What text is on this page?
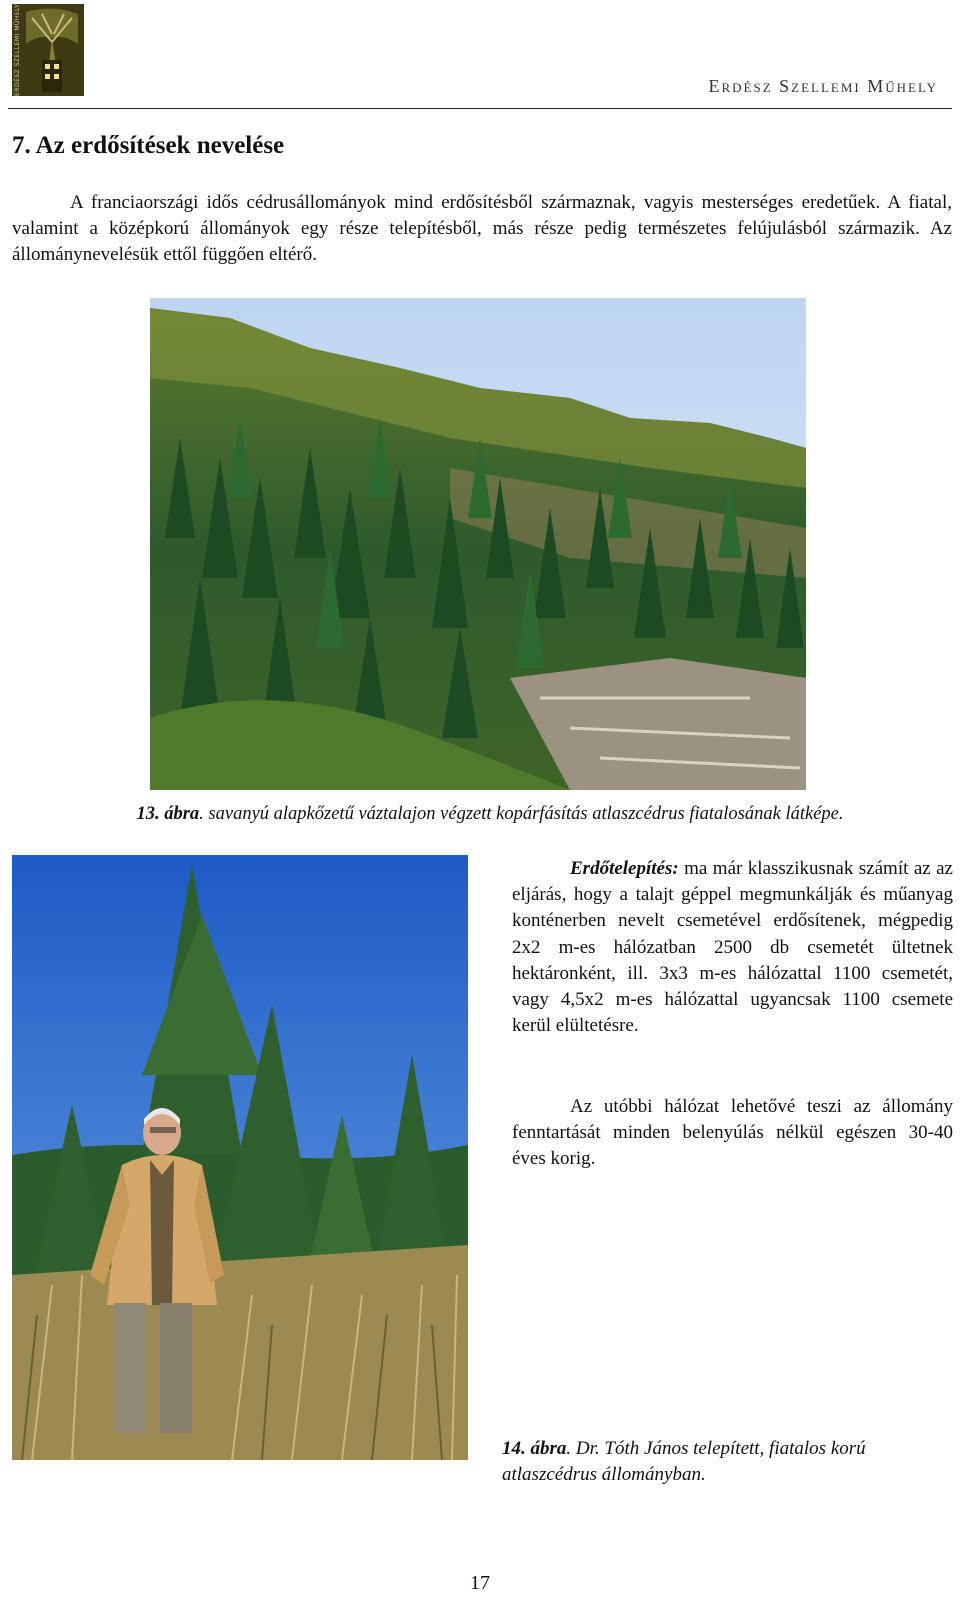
ERDÉSZ SZELLEMI MŰHELY	Erdész Szellemi Műhely
7. Az erdősítések nevelése

A franciaországi idős cédrusállományok mind erdősítésből származnak, vagyis mesterséges eredetűek. A fiatal, valamint a középkorú állományok egy része telepítésből, más része pedig természetes felújulásból származik. Az állománynevelésük ettől függően eltérő.

13. ábra. savanyú alapkőzetű váztalajon végzett kopárfásítás atlaszcédrus fiatalosának látképe.

Erdőtelepítés: ma már klasszikusnak számít az az eljárás, hogy a talajt géppel megmunkálják és műanyag konténerben nevelt csemetével erdősítenek, mégpedig 2x2 m-es hálózatban 2500 db csemetét ültetnek hektáronként, ill. 3x3 m-es hálózattal 1100 csemetét, vagy 4,5x2 m-es hálózattal ugyancsak 1100 csemete kerül elültetésre.

Az utóbbi hálózat lehetővé teszi az állomány fenntartását minden belenyúlás nélkül egészen 30-40 éves korig.

14. ábra. Dr. Tóth János telepített, fiatalos korú atlaszcédrus állományban.

17
